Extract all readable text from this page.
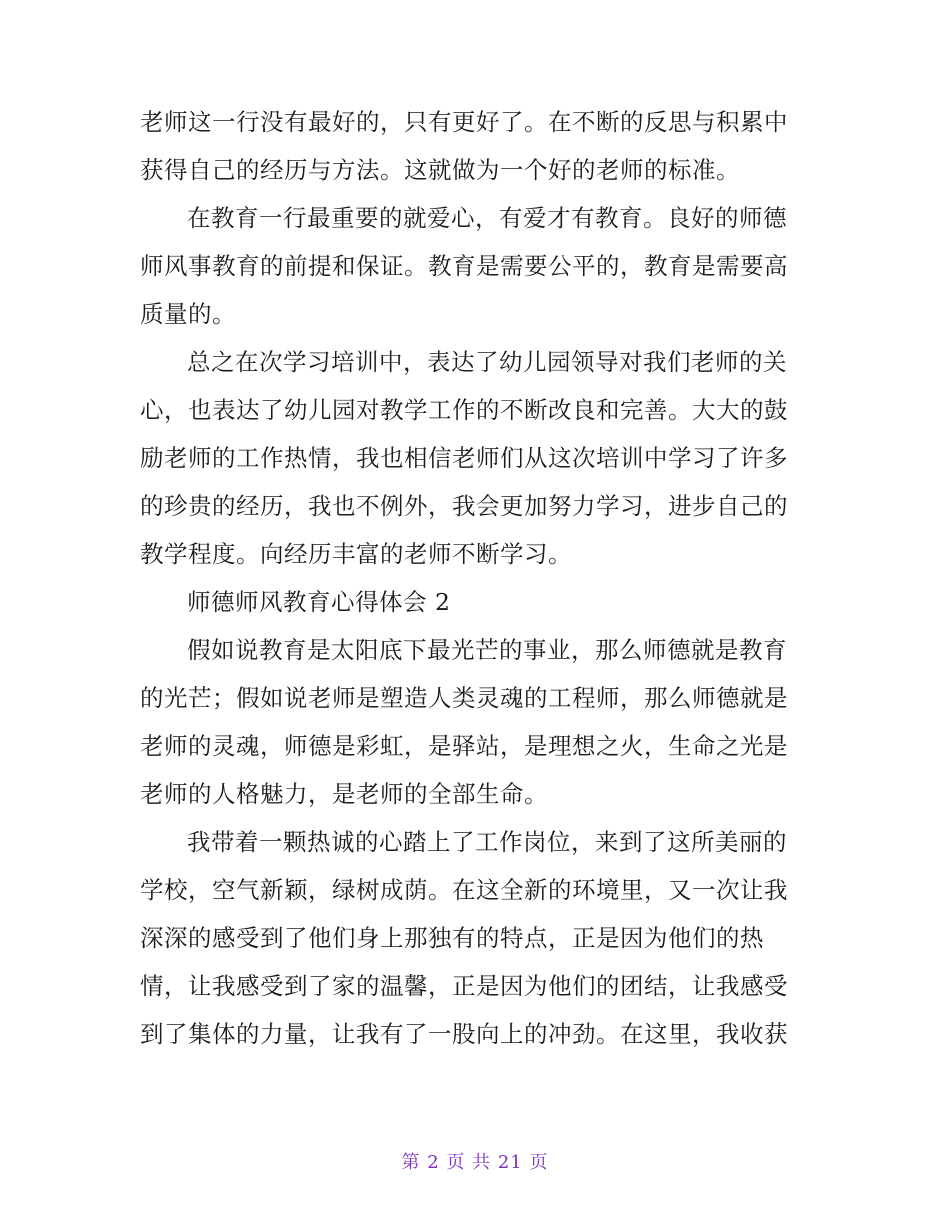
老师这一行没有最好的，只有更好了。在不断的反思与积累中
获得自己的经历与方法。这就做为一个好的老师的标准。
在教育一行最重要的就爱心，有爱才有教育。良好的师德
师风事教育的前提和保证。教育是需要公平的，教育是需要高
质量的。
总之在次学习培训中，表达了幼儿园领导对我们老师的关
心，也表达了幼儿园对教学工作的不断改良和完善。大大的鼓
励老师的工作热情，我也相信老师们从这次培训中学习了许多
的珍贵的经历，我也不例外，我会更加努力学习，进步自己的
教学程度。向经历丰富的老师不断学习。
师德师风教育心得体会 2
假如说教育是太阳底下最光芒的事业，那么师德就是教育
的光芒；假如说老师是塑造人类灵魂的工程师，那么师德就是
老师的灵魂，师德是彩虹，是驿站，是理想之火，生命之光是
老师的人格魅力，是老师的全部生命。
我带着一颗热诚的心踏上了工作岗位，来到了这所美丽的
学校，空气新颖，绿树成荫。在这全新的环境里，又一次让我
深深的感受到了他们身上那独有的特点，正是因为他们的热
情，让我感受到了家的温馨，正是因为他们的团结，让我感受
到了集体的力量，让我有了一股向上的冲劲。在这里，我收获
第 2 页 共 21 页
